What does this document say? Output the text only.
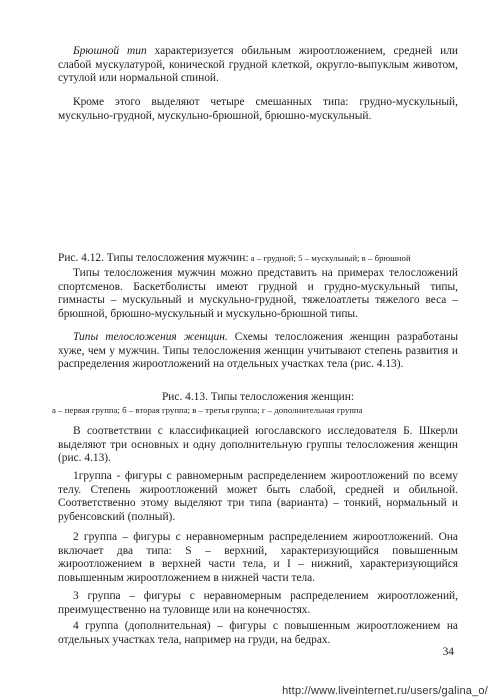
Брюшной тип характеризуется обильным жироотложением, средней или слабой мускулатурой, конической грудной клеткой, округло-выпуклым животом, сутулой или нормальной спиной.

Кроме этого выделяют четыре смешанных типа: грудно-мускульный, мускульно-грудной, мускульно-брюшной, брюшно-мускульный.

Рис. 4.12. Типы телосложения мужчин: а – грудной; 5 – мускульный; в – брюшной

Типы телосложения мужчин можно представить на примерах телосложений спортсменов. Баскетболисты имеют грудной и грудно-мускульный типы, гимнасты – мускульный и мускульно-грудной, тяжелоатлеты тяжелого веса – брюшной, брюшно-мускульный и мускульно-брюшной типы.

Типы телосложения женщин. Схемы телосложения женщин разработаны хуже, чем у мужчин. Типы телосложения женщин учитывают степень развития и распределения жироотложений на отдельных участках тела (рис. 4.13).

Рис. 4.13. Типы телосложения женщин:

а – первая группа; б – вторая группа; в – третья группа; г – дополнительная группа

В соответствии с классификацией югославского исследователя Б. Шкерли выделяют три основных и одну дополнительную группы телосложения женщин (рис. 4.13).

1группа - фигуры с равномерным распределением жироотложений по всему телу. Степень жироотложений может быть слабой, средней и обильной. Соответственно этому выделяют три типа (варианта) – тонкий, нормальный и рубенсовский (полный).

2 группа – фигуры с неравномерным распределением жироотложений. Она включает два типа: S – верхний, характеризующийся повышенным жироотложением в верхней части тела, и I – нижний, характеризующийся повышенным жироотложением в нижней части тела.

3 группа – фигуры с неравномерным распределением жироотложений, преимущественно на туловище или на конечностях.

4 группа (дополнительная) – фигуры с повышенным жироотложением на отдельных участках тела, например на груди, на бедрах.

34
http://www.liveinternet.ru/users/galina_o/
